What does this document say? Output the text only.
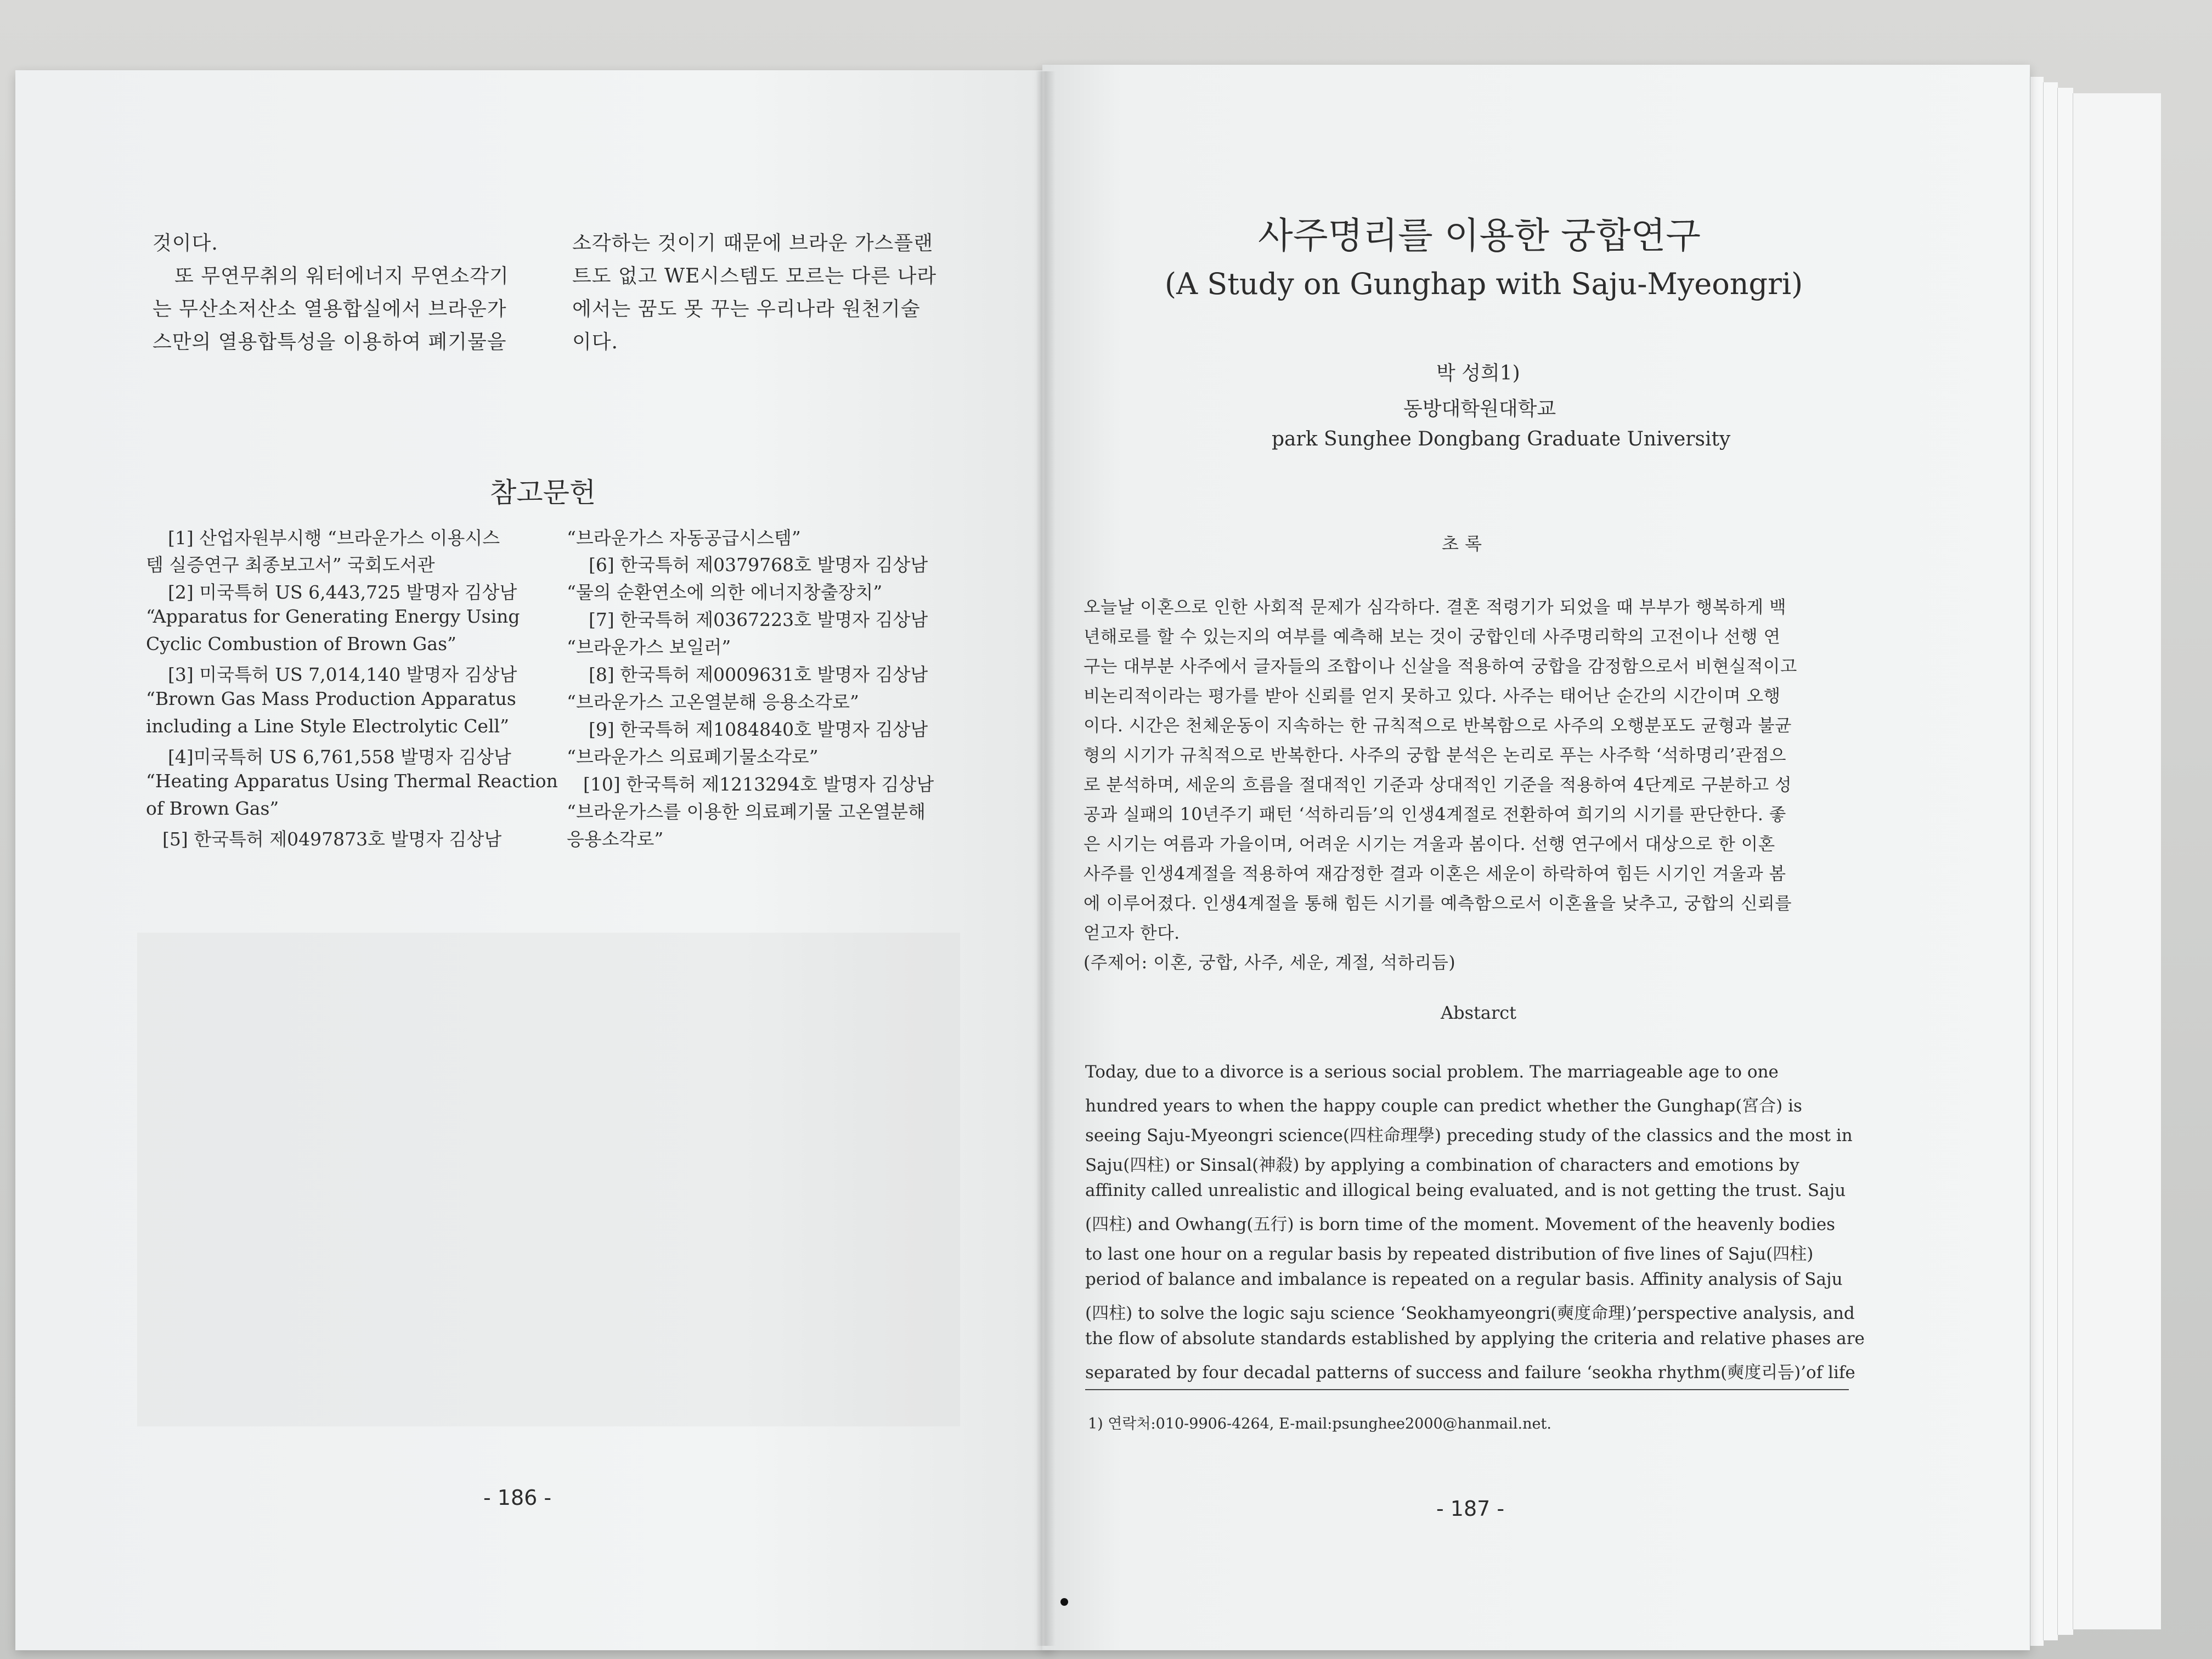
것이다.
또 무연무취의 워터에너지 무연소각기
는 무산소저산소 열용합실에서 브라운가
스만의 열용합특성을 이용하여 폐기물을
소각하는 것이기 때문에 브라운 가스플랜
트도 없고 WE시스템도 모르는 다른 나라
에서는 꿈도 못 꾸는 우리나라 원천기술
이다.
참고문헌
[1] 산업자원부시행 “브라운가스 이용시스
템 실증연구 최종보고서” 국회도서관
[2] 미국특허 US 6,443,725 발명자 김상남
“Apparatus for Generating Energy Using
Cyclic Combustion of Brown Gas”
[3] 미국특허 US 7,014,140 발명자 김상남
“Brown Gas Mass Production Apparatus
including a Line Style Electrolytic Cell”
[4]미국특허 US 6,761,558 발명자 김상남
“Heating Apparatus Using Thermal Reaction
of Brown Gas”
[5] 한국특허 제0497873호 발명자 김상남
“브라운가스 자동공급시스템”
[6] 한국특허 제0379768호 발명자 김상남
“물의 순환연소에 의한 에너지창출장치”
[7] 한국특허 제0367223호 발명자 김상남
“브라운가스 보일러”
[8] 한국특허 제0009631호 발명자 김상남
“브라운가스 고온열분해 응용소각로”
[9] 한국특허 제1084840호 발명자 김상남
“브라운가스 의료폐기물소각로”
[10] 한국특허 제1213294호 발명자 김상남
“브라운가스를 이용한 의료폐기물 고온열분해
응용소각로”
- 186 -
사주명리를 이용한 궁합연구
(A Study on Gunghap with Saju-Myeongri)
박 성희1)
동방대학원대학교
park Sunghee Dongbang Graduate University
초 록
오늘날 이혼으로 인한 사회적 문제가 심각하다. 결혼 적령기가 되었을 때 부부가 행복하게 백
년해로를 할 수 있는지의 여부를 예측해 보는 것이 궁합인데 사주명리학의 고전이나 선행 연
구는 대부분 사주에서 글자들의 조합이나 신살을 적용하여 궁합을 감정함으로서 비현실적이고
비논리적이라는 평가를 받아 신뢰를 얻지 못하고 있다. 사주는 태어난 순간의 시간이며 오행
이다. 시간은 천체운동이 지속하는 한 규칙적으로 반복함으로 사주의 오행분포도 균형과 불균
형의 시기가 규칙적으로 반복한다. 사주의 궁합 분석은 논리로 푸는 사주학 ‘석하명리’관점으
로 분석하며, 세운의 흐름을 절대적인 기준과 상대적인 기준을 적용하여 4단계로 구분하고 성
공과 실패의 10년주기 패턴 ‘석하리듬’의 인생4계절로 전환하여 희기의 시기를 판단한다. 좋
은 시기는 여름과 가을이며, 어려운 시기는 겨울과 봄이다. 선행 연구에서 대상으로 한 이혼
사주를 인생4계절을 적용하여 재감정한 결과 이혼은 세운이 하락하여 힘든 시기인 겨울과 봄
에 이루어졌다. 인생4계절을 통해 힘든 시기를 예측함으로서 이혼율을 낮추고, 궁합의 신뢰를
얻고자 한다.
(주제어: 이혼, 궁합, 사주, 세운, 계절, 석하리듬)
Abstarct
Today, due to a divorce is a serious social problem. The marriageable age to one
hundred years to when the happy couple can predict whether the Gunghap(宮合) is
seeing Saju-Myeongri science(四柱命理學) preceding study of the classics and the most in
Saju(四柱) or Sinsal(神殺) by applying a combination of characters and emotions by
affinity called unrealistic and illogical being evaluated, and is not getting the trust. Saju
(四柱) and Owhang(五行) is born time of the moment. Movement of the heavenly bodies
to last one hour on a regular basis by repeated distribution of five lines of Saju(四柱)
period of balance and imbalance is repeated on a regular basis. Affinity analysis of Saju
(四柱) to solve the logic saju science ‘Seokhamyeongri(奭度命理)’perspective analysis, and
the flow of absolute standards established by applying the criteria and relative phases are
separated by four decadal patterns of success and failure ‘seokha rhythm(奭度리듬)’of life
1) 연락처:010-9906-4264, E-mail:psunghee2000@hanmail.net.
- 187 -
